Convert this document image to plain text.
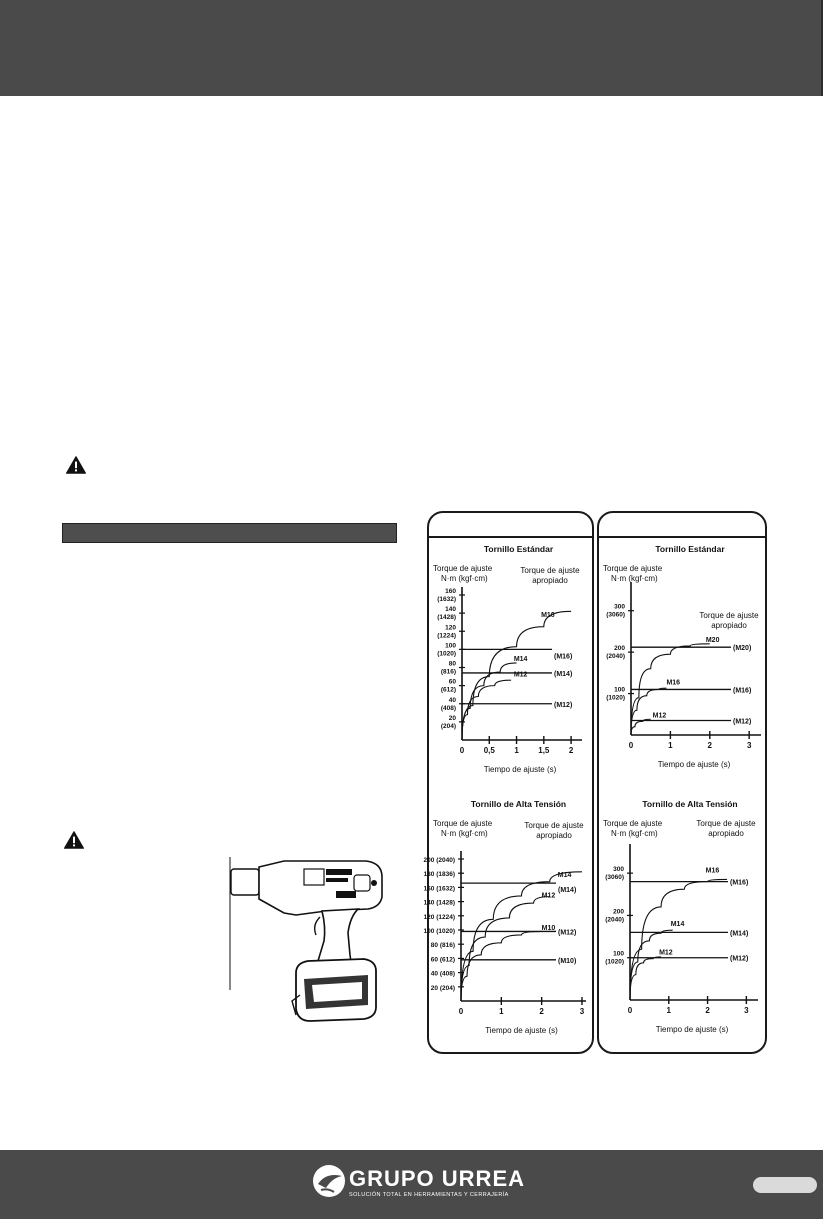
Tornillo Estándar
Torque de ajuste
N·m (kgf·cm)
Torque de ajuste
apropiado
Tiempo de ajuste (s)
0 0,5 1 1,5 2
20
(204)
40
(408)
60
(612)
80
(816)
100
(1020)
120
(1224)
140
(1428)
160
(1632)
(M16)
(M14)
(M12)
M16
M14
M12
Tornillo Estándar
Torque de ajuste
N·m (kgf·cm)
Torque de ajuste
apropiado
Tiempo de ajuste (s)
0	1	2	3
100
(1020)
200
(2040)
300
(3060)
(M20)
(M16)
(M12)
M20
M16
M12
Tornillo de Alta Tensión
Torque de ajuste
N·m (kgf·cm)
Torque de ajuste
apropiado
Tiempo de ajuste (s)
0	1	2	3
20 (204)
40 (408)
60 (612)
80 (816)
100 (1020)
120 (1224)
140 (1428)
160 (1632)
180 (1836)
200 (2040)
(M14)
(M12)
(M10)
M14
M12
M10
Tornillo de Alta Tensión
Torque de ajuste
N·m (kgf·cm)
Torque de ajuste
apropiado
Tiempo de ajuste (s)
0	1	2	3
100
(1020)
200
(2040)
300
(3060)
(M16)
(M14)
(M12)
M16
M14
M12
GRUPO URREA
SOLUCIÓN TOTAL EN HERRAMIENTAS Y CERRAJERÍA
